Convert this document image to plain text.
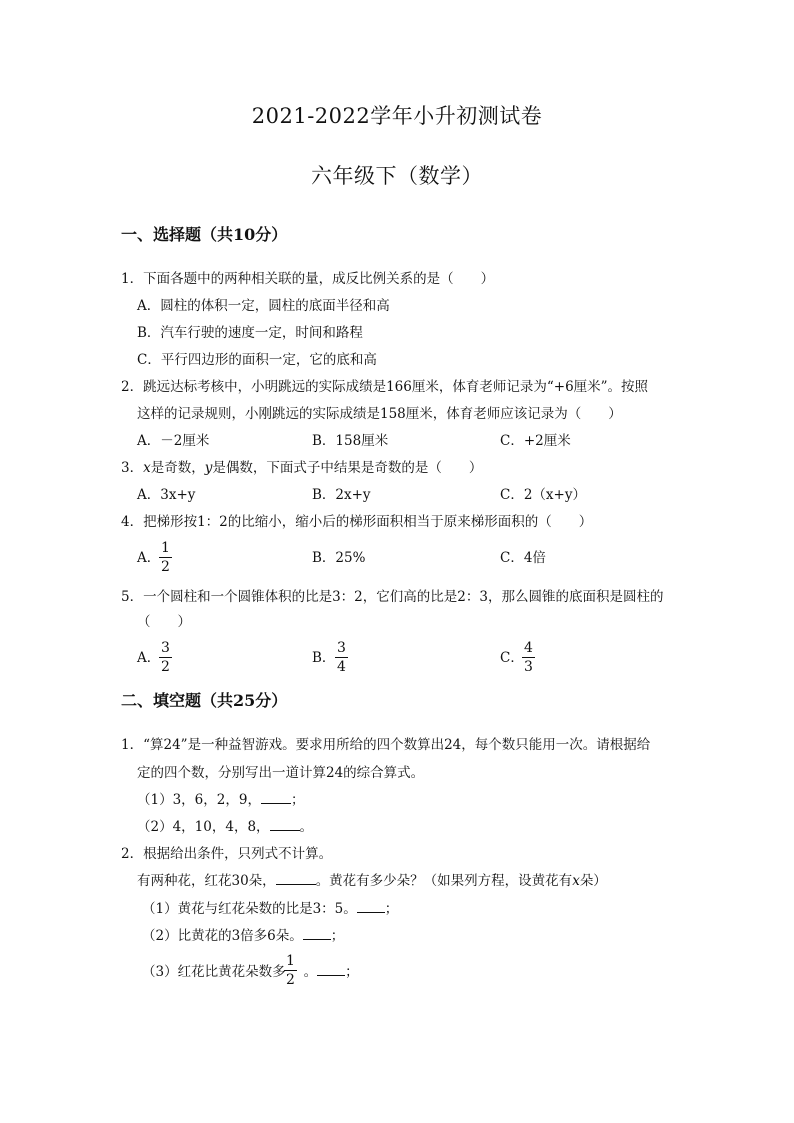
2021-2022学年小升初测试卷
六年级下（数学）
一、选择题（共10分）
1．下面各题中的两种相关联的量，成反比例关系的是（　　）
A．圆柱的体积一定，圆柱的底面半径和高
B．汽车行驶的速度一定，时间和路程
C．平行四边形的面积一定，它的底和高
2．跳远达标考核中，小明跳远的实际成绩是166厘米，体育老师记录为“+6厘米”。按照
这样的记录规则，小刚跳远的实际成绩是158厘米，体育老师应该记录为（　　）
A．－2厘米	B．158厘米	C．+2厘米
3．x是奇数，y是偶数，下面式子中结果是奇数的是（　　）
A．3x+y	B．2x+y	C．2（x+y）
4．把梯形按1：2的比缩小，缩小后的梯形面积相当于原来梯形面积的（　　）
A．
$\frac{1}{2}$	B．25%	C．4倍
5．一个圆柱和一个圆锥体积的比是3：2，它们高的比是2：3，那么圆锥的底面积是圆柱的
（　　）
A．
$\frac{3}{2}$	B． $\frac{3}{4}$	C．
$\frac{4}{3}$
二、填空题（共25分）
1．“算24”是一种益智游戏。要求用所给的四个数算出24，每个数只能用一次。请根据给
定的四个数，分别写出一道计算24的综合算式。
（1）3，6，2，9， ；
（2）4，10，4，8， 。
2．根据给出条件，只列式不计算。
有两种花，红花30朵，	。黄花有多少朵？（如果列方程，设黄花有x朵）
（1）黄花与红花朵数的比是3：5。 ；
（2）比黄花的3倍多6朵。 ；
（3）红花比黄花朵数多 。 ；
$\frac{1}{2}$
